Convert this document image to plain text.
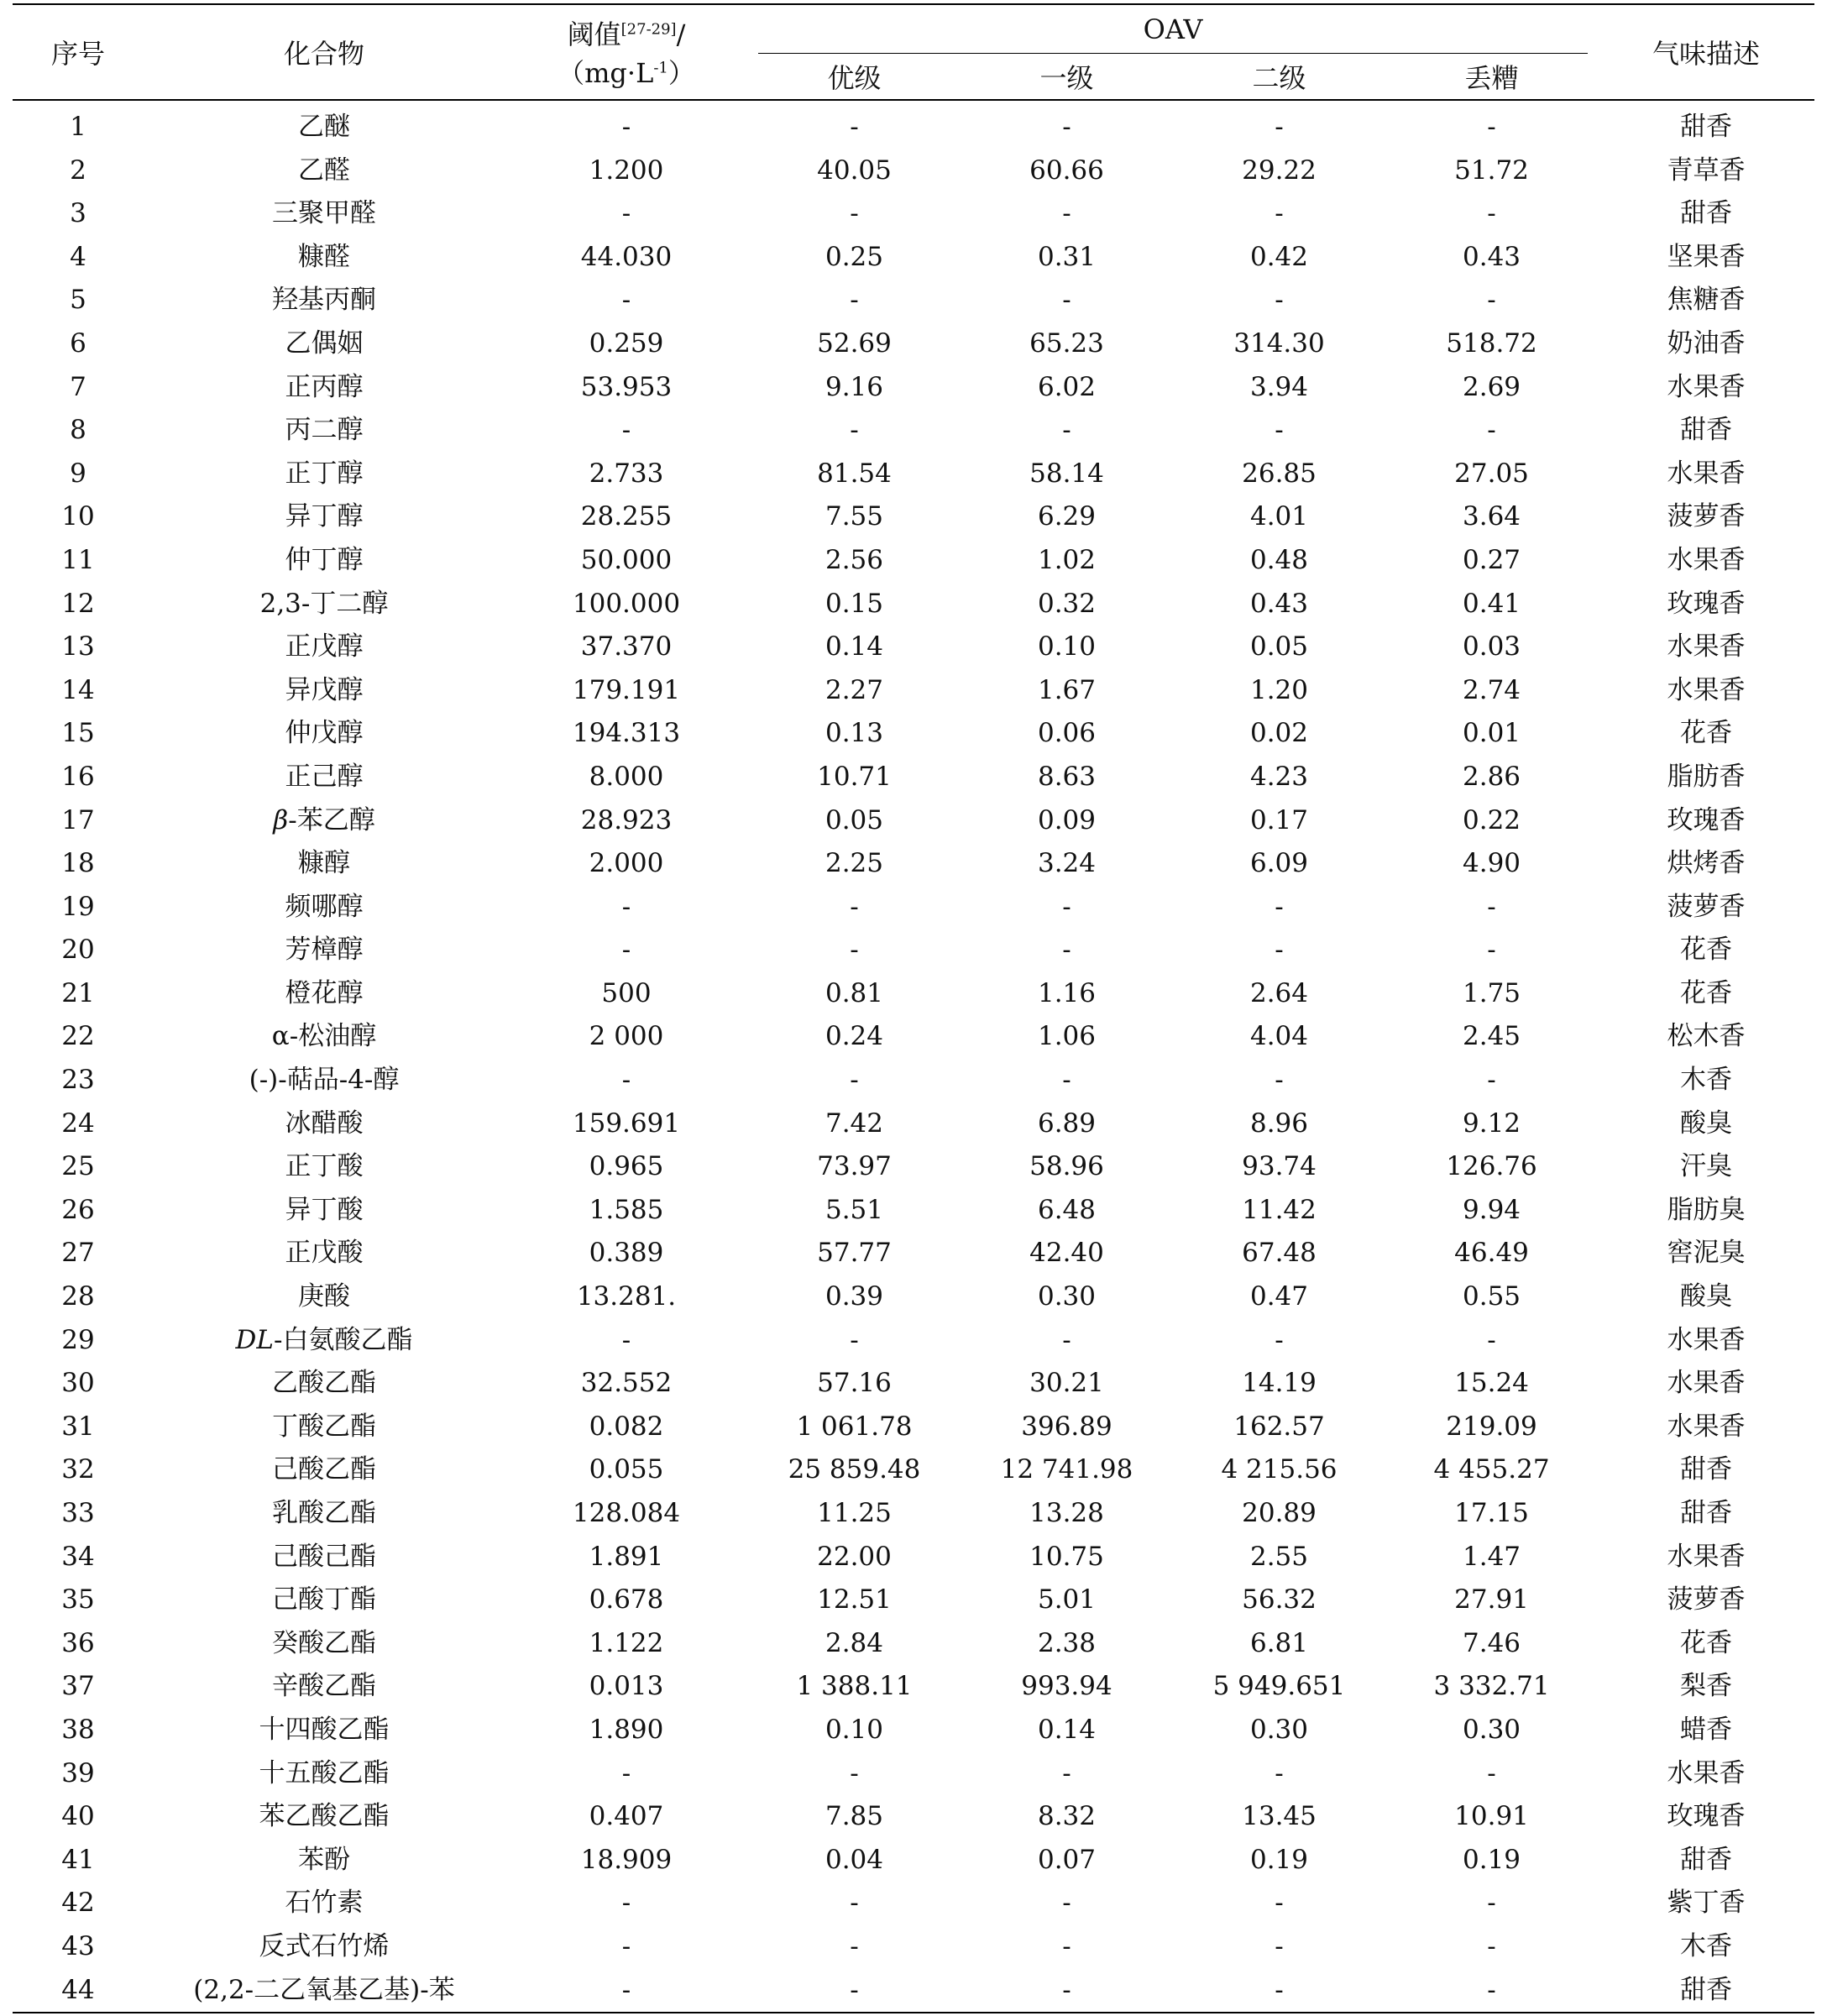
序号	化合物	阈值[27-29]/
$(mg\cdot L^{-1})$	OAV				气味描述
			优级	一级	二级	丢糟	
1	乙醚	-	-	-	-	-	甜香
2	乙醛	1.200	40.05	60.66	29.22	51.72	青草香
3	三聚甲醛	-	-	-	-	-	甜香
4	糠醛	44.030	0.25	0.31	0.42	0.43	坚果香
5	羟基丙酮	-	-	-	-	-	焦糖香
6	乙偶姻	0.259	52.69	65.23	314.30	518.72	奶油香
7	正丙醇	53.953	9.16	6.02	3.94	2.69	水果香
8	丙二醇	-	-	-	-	-	甜香
9	正丁醇	2.733	81.54	58.14	26.85	27.05	水果香
10	异丁醇	28.255	7.55	6.29	4.01	3.64	菠萝香
11	仲丁醇	50.000	2.56	1.02	0.48	0.27	水果香
12	2,3-丁二醇	100.000	0.15	0.32	0.43	0.41	玫瑰香
13	正戊醇	37.370	0.14	0.10	0.05	0.03	水果香
14	异戊醇	179.191	2.27	1.67	1.20	2.74	水果香
15	仲戊醇	194.313	0.13	0.06	0.02	0.01	花香
16	正己醇	8.000	10.71	8.63	4.23	2.86	脂肪香
17	β-苯乙醇	28.923	0.05	0.09	0.17	0.22	玫瑰香
18	糠醇	2.000	2.25	3.24	6.09	4.90	烘烤香
19	频哪醇	-	-	-	-	-	菠萝香
20	芳樟醇	-	-	-	-	-	花香
21	橙花醇	500	0.81	1.16	2.64	1.75	花香
22	α-松油醇	2 000	0.24	1.06	4.04	2.45	松木香
23	(-)-萜品-4-醇	-	-	-	-	-	木香
24	冰醋酸	159.691	7.42	6.89	8.96	9.12	酸臭
25	正丁酸	0.965	73.97	58.96	93.74	126.76	汗臭
26	异丁酸	1.585	5.51	6.48	11.42	9.94	脂肪臭
27	正戊酸	0.389	57.77	42.40	67.48	46.49	窖泥臭
28	庚酸	13.281.	0.39	0.30	0.47	0.55	酸臭
29	DL-白氨酸乙酯	-	-	-	-	-	水果香
30	乙酸乙酯	32.552	57.16	30.21	14.19	15.24	水果香
31	丁酸乙酯	0.082	1 061.78	396.89	162.57	219.09	水果香
32	己酸乙酯	0.055	25 859.48	12 741.98	4 215.56	4 455.27	甜香
33	乳酸乙酯	128.084	11.25	13.28	20.89	17.15	甜香
34	己酸己酯	1.891	22.00	10.75	2.55	1.47	水果香
35	己酸丁酯	0.678	12.51	5.01	56.32	27.91	菠萝香
36	癸酸乙酯	1.122	2.84	2.38	6.81	7.46	花香
37	辛酸乙酯	0.013	1 388.11	993.94	5 949.651	3 332.71	梨香
38	十四酸乙酯	1.890	0.10	0.14	0.30	0.30	蜡香
39	十五酸乙酯	-	-	-	-	-	水果香
40	苯乙酸乙酯	0.407	7.85	8.32	13.45	10.91	玫瑰香
41	苯酚	18.909	0.04	0.07	0.19	0.19	甜香
42	石竹素	-	-	-	-	-	紫丁香
43	反式石竹烯	-	-	-	-	-	木香
44	(2,2-二乙氧基乙基)-苯	-	-	-	-	-	甜香
